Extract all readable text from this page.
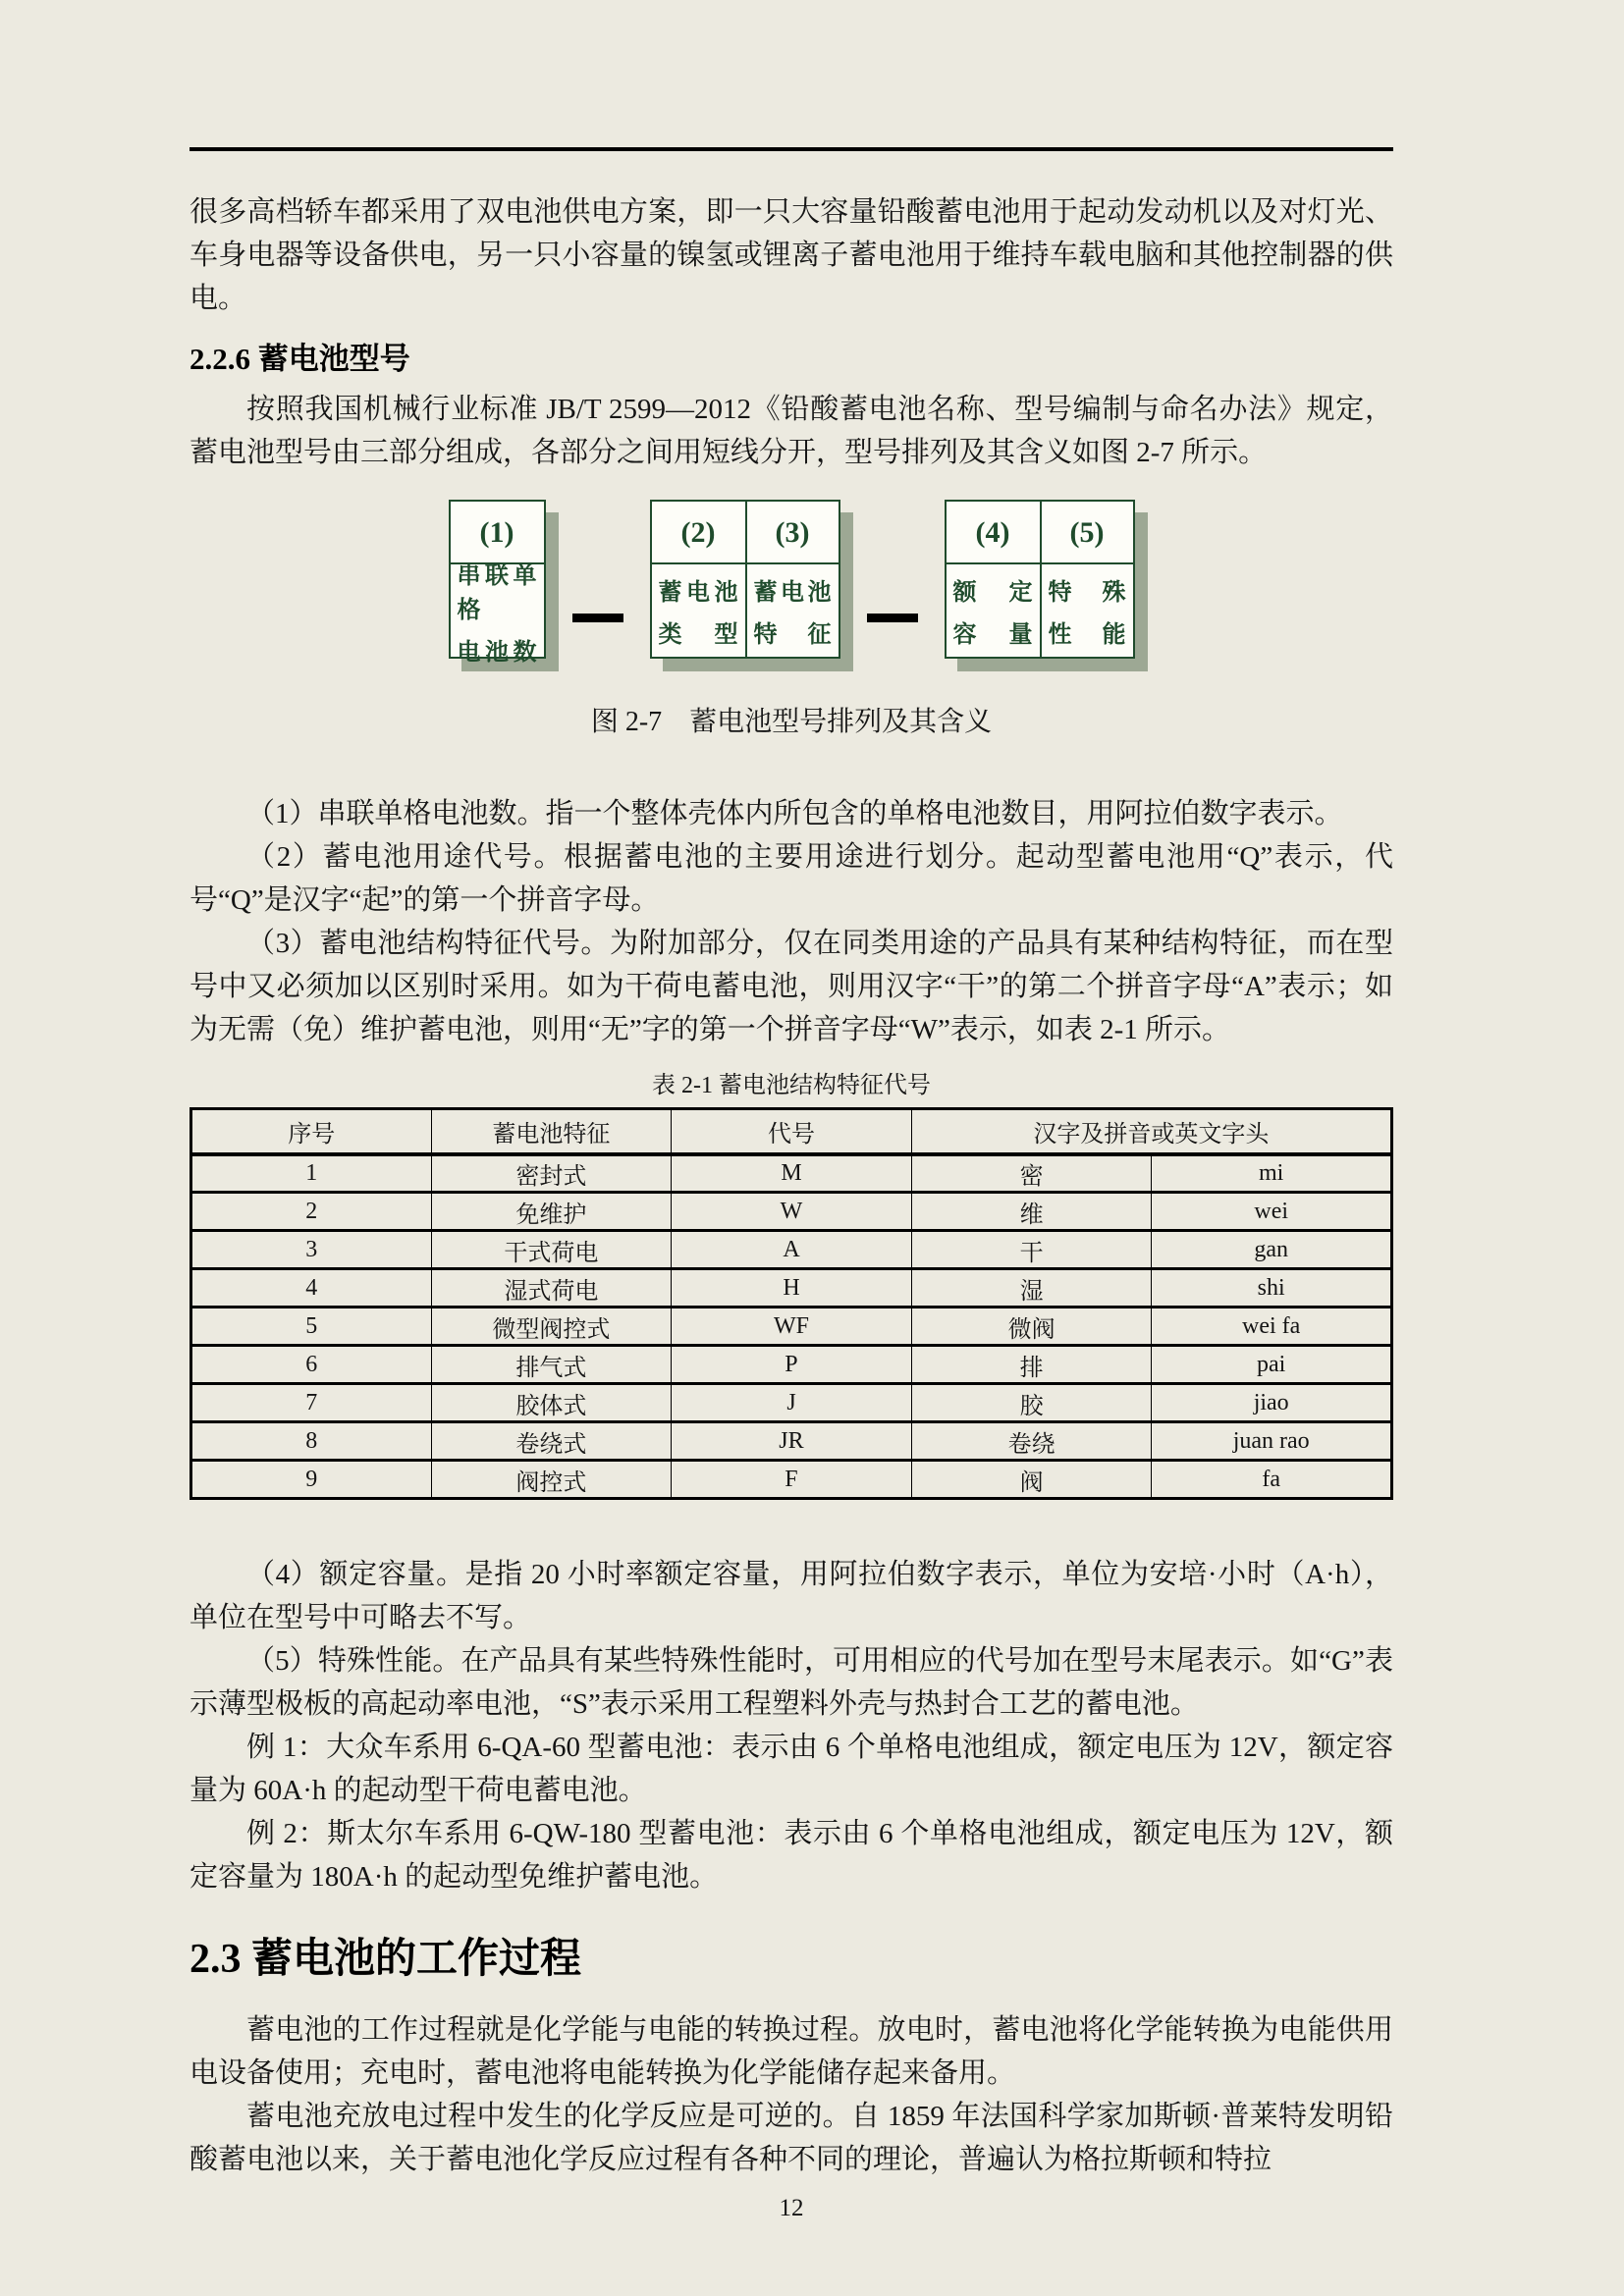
很多高档轿车都采用了双电池供电方案，即一只大容量铅酸蓄电池用于起动发动机以及对灯光、车身电器等设备供电，另一只小容量的镍氢或锂离子蓄电池用于维持车载电脑和其他控制器的供电。

2.2.6 蓄电池型号

按照我国机械行业标准 JB/T 2599—2012《铅酸蓄电池名称、型号编制与命名办法》规定，蓄电池型号由三部分组成，各部分之间用短线分开，型号排列及其含义如图 2-7 所示。

(1)
串联单格
电池数
(2)
蓄电池
类型
(3)
蓄电池
特征
(4)
额定
容量
(5)
特殊
性能
图 2-7　蓄电池型号排列及其含义

（1）串联单格电池数。指一个整体壳体内所包含的单格电池数目，用阿拉伯数字表示。

（2）蓄电池用途代号。根据蓄电池的主要用途进行划分。起动型蓄电池用“Q”表示，代号“Q”是汉字“起”的第一个拼音字母。

（3）蓄电池结构特征代号。为附加部分，仅在同类用途的产品具有某种结构特征，而在型号中又必须加以区别时采用。如为干荷电蓄电池，则用汉字“干”的第二个拼音字母“A”表示；如为无需（免）维护蓄电池，则用“无”字的第一个拼音字母“W”表示，如表 2-1 所示。

表 2-1 蓄电池结构特征代号
序号	蓄电池特征	代号	汉字及拼音或英文字头	
1	密封式	M	密	mi
2	免维护	W	维	wei
3	干式荷电	A	干	gan
4	湿式荷电	H	湿	shi
5	微型阀控式	WF	微阀	wei fa
6	排气式	P	排	pai
7	胶体式	J	胶	jiao
8	卷绕式	JR	卷绕	juan rao
9	阀控式	F	阀	fa

（4）额定容量。是指 20 小时率额定容量，用阿拉伯数字表示，单位为安培·小时（A·h），单位在型号中可略去不写。

（5）特殊性能。在产品具有某些特殊性能时，可用相应的代号加在型号末尾表示。如“G”表示薄型极板的高起动率电池，“S”表示采用工程塑料外壳与热封合工艺的蓄电池。

例 1：大众车系用 6-QA-60 型蓄电池：表示由 6 个单格电池组成，额定电压为 12V，额定容量为 60A·h 的起动型干荷电蓄电池。

例 2：斯太尔车系用 6-QW-180 型蓄电池：表示由 6 个单格电池组成，额定电压为 12V，额定容量为 180A·h 的起动型免维护蓄电池。

2.3 蓄电池的工作过程

蓄电池的工作过程就是化学能与电能的转换过程。放电时，蓄电池将化学能转换为电能供用电设备使用；充电时，蓄电池将电能转换为化学能储存起来备用。

蓄电池充放电过程中发生的化学反应是可逆的。自 1859 年法国科学家加斯顿·普莱特发明铅酸蓄电池以来，关于蓄电池化学反应过程有各种不同的理论，普遍认为格拉斯顿和特拉

12
